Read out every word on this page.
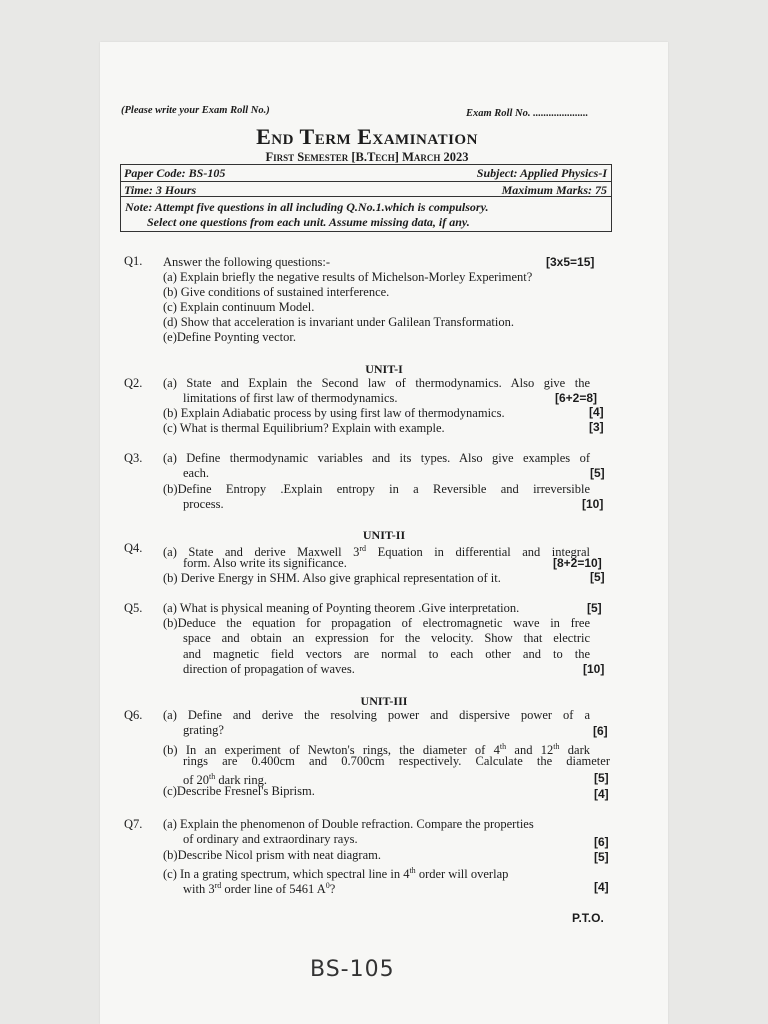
(Please write your Exam Roll No.)	Exam Roll No. .....................
End Term Examination
First Semester [B.Tech] March 2023
Paper Code: BS-105	Subject: Applied Physics-I
Time: 3 Hours	Maximum Marks: 75
Note: Attempt five questions in all including Q.No.1.which is compulsory.
Select one questions from each unit. Assume missing data, if any.
Q1. Answer the following questions:-	[3x5=15]
(a) Explain briefly the negative results of Michelson-Morley Experiment?
(b) Give conditions of sustained interference.
(c) Explain continuum Model.
(d) Show that acceleration is invariant under Galilean Transformation.
(e)Define Poynting vector.
UNIT-I
Q2. (a) State and Explain the Second law of thermodynamics. Also give the
limitations of first law of thermodynamics.	[6+2=8]
(b) Explain Adiabatic process by using first law of thermodynamics.	[4]
(c) What is thermal Equilibrium? Explain with example.	[3]
Q3. (a) Define thermodynamic variables and its types. Also give examples of
each.	[5]
(b)Define Entropy .Explain entropy in a Reversible and irreversible
process.	[10]
UNIT-II
Q4. (a) State and derive Maxwell 3rd Equation in differential and integral
form. Also write its significance.	[8+2=10]
(b) Derive Energy in SHM. Also give graphical representation of it.	[5]
Q5. (a) What is physical meaning of Poynting theorem .Give interpretation.	[5]
(b)Deduce the equation for propagation of electromagnetic wave in free
space and obtain an expression for the velocity. Show that electric
and magnetic field vectors are normal to each other and to the
direction of propagation of waves.	[10]
UNIT-III
Q6. (a) Define and derive the resolving power and dispersive power of a
grating?	[6]
(b) In an experiment of Newton's rings, the diameter of 4th and 12th dark
rings are 0.400cm and 0.700cm respectively. Calculate the diameter
of 20th dark ring.	[5]
(c)Describe Fresnel's Biprism.	[4]
Q7. (a) Explain the phenomenon of Double refraction. Compare the properties
of ordinary and extraordinary rays.	[6]
(b)Describe Nicol prism with neat diagram.	[5]
(c) In a grating spectrum, which spectral line in 4th order will overlap
with 3rd order line of 5461 $A^0$?	[4]
P.T.O.
BS-105
